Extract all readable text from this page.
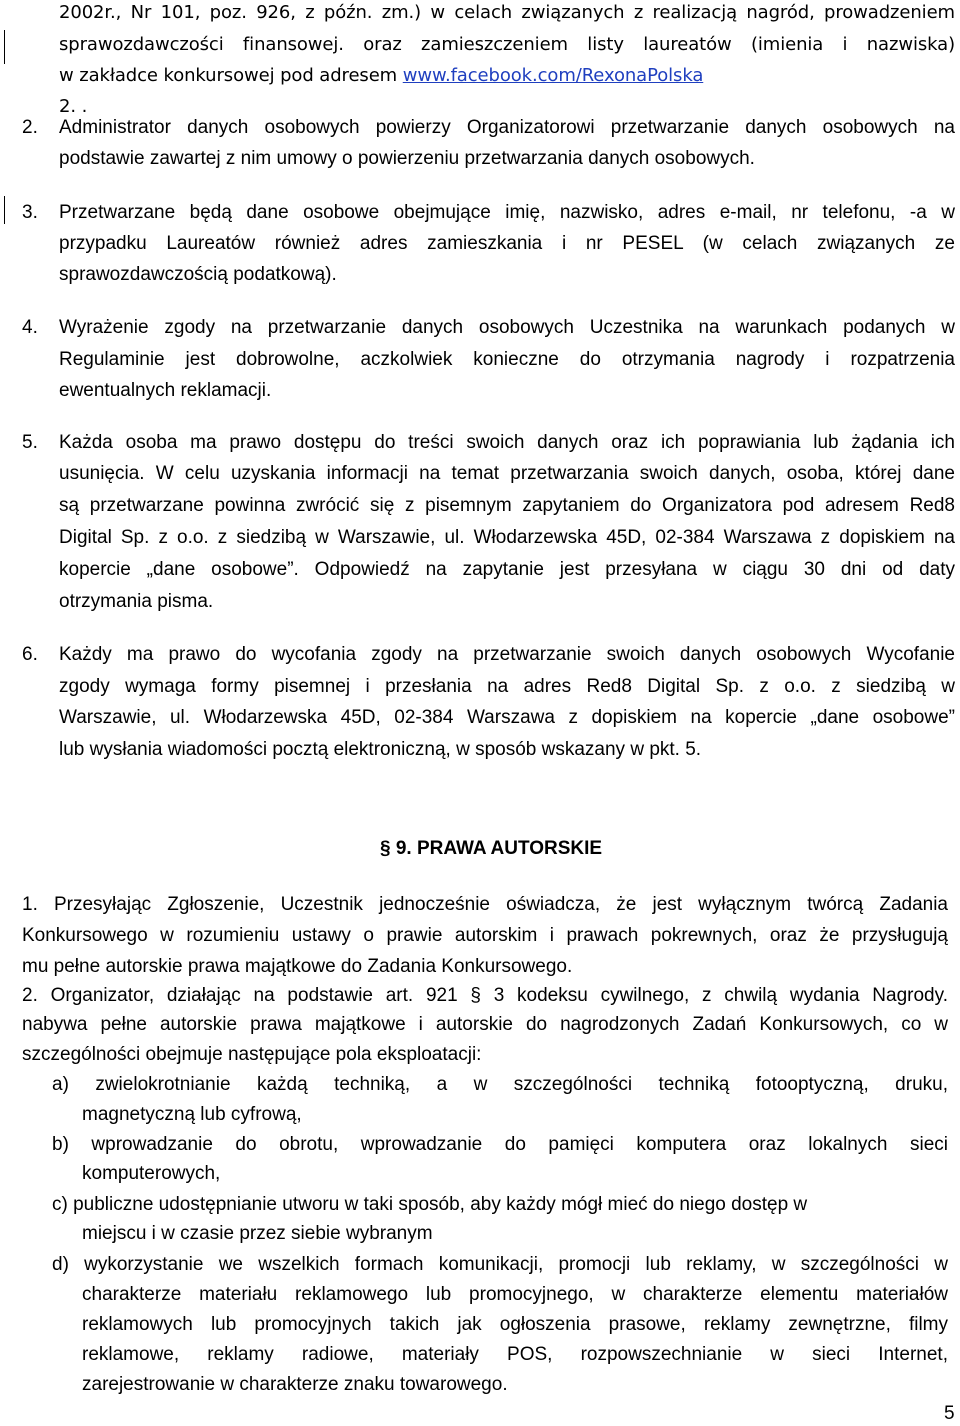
2002r., Nr 101, poz. 926, z późn. zm.) w celach związanych z realizacją nagród, prowadzeniem
sprawozdawczości finansowej. oraz zamieszczeniem listy laureatów (imienia i nazwiska)
w zakładce konkursowej pod adresem www.facebook.com/RexonaPolska
2. .
2. Administrator danych osobowych powierzy Organizatorowi przetwarzanie danych osobowych na
podstawie zawartej z nim umowy o powierzeniu przetwarzania danych osobowych.
3. Przetwarzane będą dane osobowe obejmujące imię, nazwisko, adres e-mail, nr telefonu, -a w
przypadku Laureatów również adres zamieszkania i nr PESEL (w celach związanych ze
sprawozdawczością podatkową).
4. Wyrażenie zgody na przetwarzanie danych osobowych Uczestnika na warunkach podanych w
Regulaminie jest dobrowolne, aczkolwiek konieczne do otrzymania nagrody i rozpatrzenia
ewentualnych reklamacji.
5. Każda osoba ma prawo dostępu do treści swoich danych oraz ich poprawiania lub żądania ich
usunięcia. W celu uzyskania informacji na temat przetwarzania swoich danych, osoba, której dane
są przetwarzane powinna zwrócić się z pisemnym zapytaniem do Organizatora pod adresem Red8
Digital Sp. z o.o. z siedzibą w Warszawie, ul. Włodarzewska 45D, 02-384 Warszawa z dopiskiem na
kopercie „dane osobowe”. Odpowiedź na zapytanie jest przesyłana w ciągu 30 dni od daty
otrzymania pisma.
6. Każdy ma prawo do wycofania zgody na przetwarzanie swoich danych osobowych Wycofanie
zgody wymaga formy pisemnej i przesłania na adres Red8 Digital Sp. z o.o. z siedzibą w
Warszawie, ul. Włodarzewska 45D, 02-384 Warszawa z dopiskiem na kopercie „dane osobowe”
lub wysłania wiadomości pocztą elektroniczną, w sposób wskazany w pkt. 5.
§ 9. PRAWA AUTORSKIE
1. Przesyłając Zgłoszenie, Uczestnik jednocześnie oświadcza, że jest wyłącznym twórcą Zadania
Konkursowego w rozumieniu ustawy o prawie autorskim i prawach pokrewnych, oraz że przysługują
mu pełne autorskie prawa majątkowe do Zadania Konkursowego.
2. Organizator, działając na podstawie art. 921 § 3 kodeksu cywilnego, z chwilą wydania Nagrody.
nabywa pełne autorskie prawa majątkowe i autorskie do nagrodzonych Zadań Konkursowych, co w
szczególności obejmuje następujące pola eksploatacji:
a) zwielokrotnianie każdą techniką, a w szczególności techniką fotooptyczną, druku,
magnetyczną lub cyfrową,
b) wprowadzanie do obrotu, wprowadzanie do pamięci komputera oraz lokalnych sieci
komputerowych,
c) publiczne udostępnianie utworu w taki sposób, aby każdy mógł mieć do niego dostęp w
miejscu i w czasie przez siebie wybranym
d) wykorzystanie we wszelkich formach komunikacji, promocji lub reklamy, w szczególności w
charakterze materiału reklamowego lub promocyjnego, w charakterze elementu materiałów
reklamowych lub promocyjnych takich jak ogłoszenia prasowe, reklamy zewnętrzne, filmy
reklamowe, reklamy radiowe, materiały POS, rozpowszechnianie w sieci Internet,
zarejestrowanie w charakterze znaku towarowego.
5
